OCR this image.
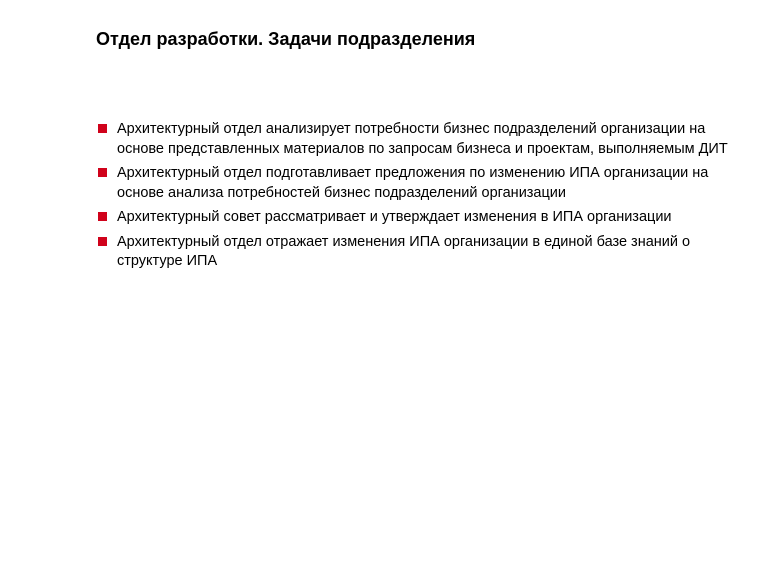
Отдел разработки. Задачи подразделения
Архитектурный отдел анализирует потребности бизнес подразделений организации на основе представленных материалов по запросам бизнеса и проектам, выполняемым ДИТ
Архитектурный отдел подготавливает предложения по изменению ИПА организации на основе анализа потребностей бизнес подразделений организации
Архитектурный совет рассматривает и утверждает изменения в ИПА организации
Архитектурный отдел отражает изменения ИПА организации в единой базе знаний о структуре ИПА
